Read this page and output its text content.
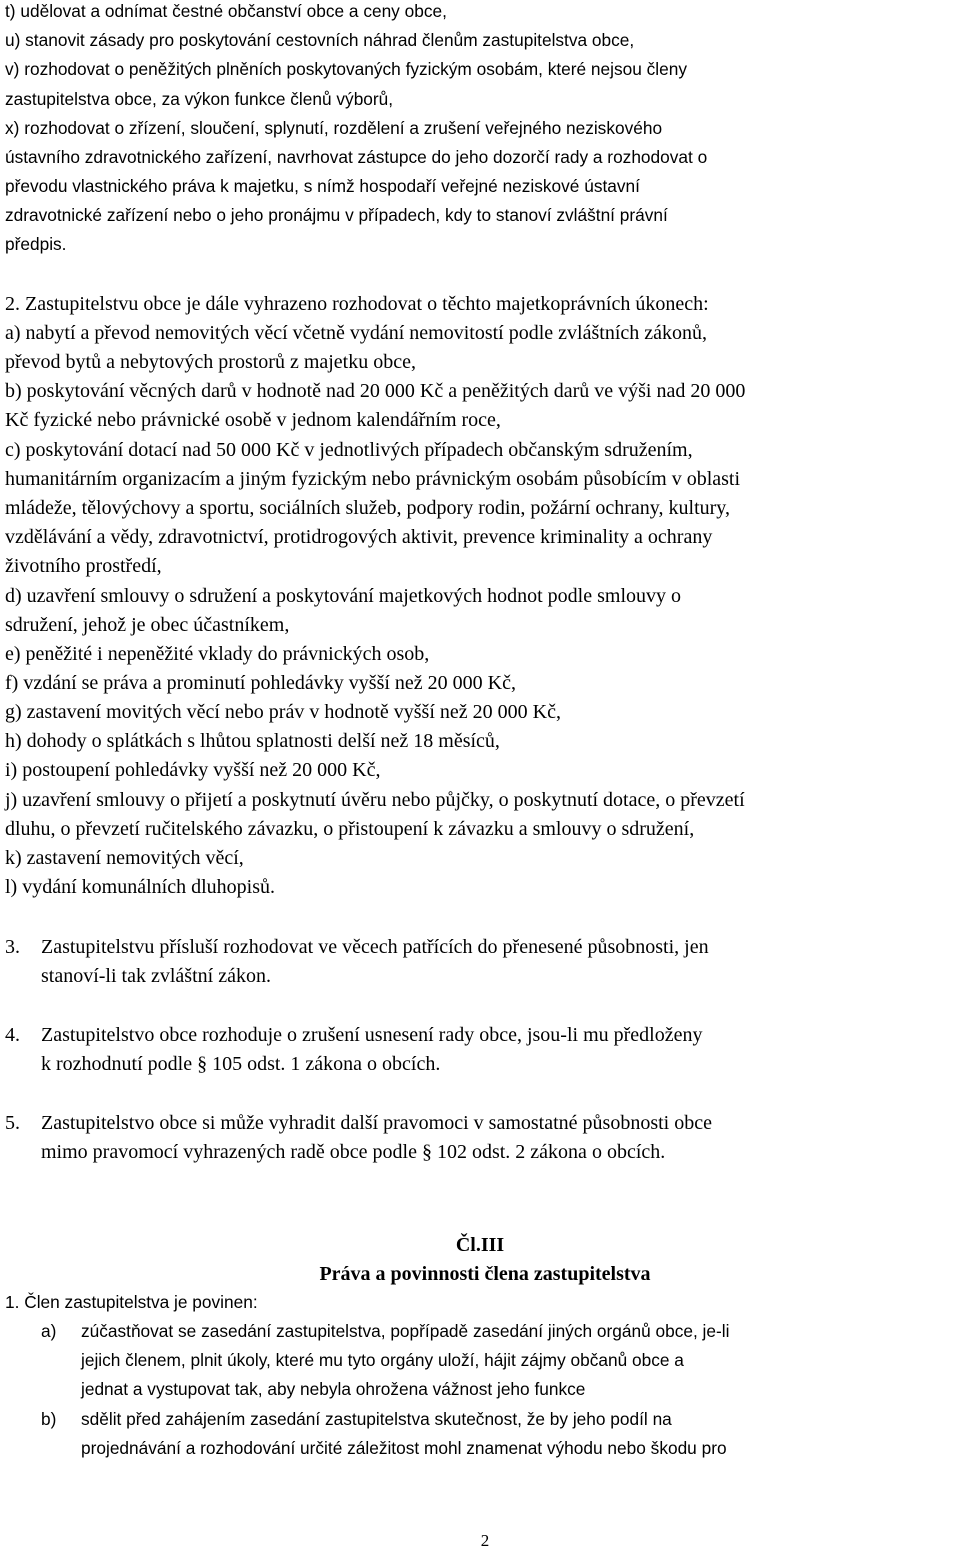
t) udělovat a odnímat čestné občanství obce a ceny obce,
u) stanovit zásady pro poskytování cestovních náhrad členům zastupitelstva obce,
v) rozhodovat o peněžitých plněních poskytovaných fyzickým osobám, které nejsou členy
zastupitelstva obce, za výkon funkce členů výborů,
x) rozhodovat o zřízení, sloučení, splynutí, rozdělení a zrušení veřejného neziskového
ústavního zdravotnického zařízení, navrhovat zástupce do jeho dozorčí rady a rozhodovat o
převodu vlastnického práva k majetku, s nímž hospodaří veřejné neziskové ústavní
zdravotnické zařízení nebo o jeho pronájmu v případech, kdy to stanoví zvláštní právní
předpis.
2. Zastupitelstvu obce je dále vyhrazeno rozhodovat o těchto majetkoprávních úkonech:
a) nabytí a převod nemovitých věcí včetně vydání nemovitostí podle zvláštních zákonů,
převod bytů a nebytových prostorů z majetku obce,
b) poskytování věcných darů v hodnotě nad 20 000 Kč a peněžitých darů ve výši nad 20 000
Kč fyzické nebo právnické osobě v jednom kalendářním roce,
c) poskytování dotací nad 50 000 Kč v jednotlivých případech občanským sdružením,
humanitárním organizacím a jiným fyzickým nebo právnickým osobám působícím v oblasti
mládeže, tělovýchovy a sportu, sociálních služeb, podpory rodin, požární ochrany, kultury,
vzdělávání a vědy, zdravotnictví, protidrogových aktivit, prevence kriminality a ochrany
životního prostředí,
d) uzavření smlouvy o sdružení a poskytování majetkových hodnot podle smlouvy o
sdružení, jehož je obec účastníkem,
e) peněžité i nepeněžité vklady do právnických osob,
f) vzdání se práva a prominutí pohledávky vyšší než 20 000 Kč,
g) zastavení movitých věcí nebo práv v hodnotě vyšší než 20 000 Kč,
h) dohody o splátkách s lhůtou splatnosti delší než 18 měsíců,
i) postoupení pohledávky vyšší než 20 000 Kč,
j) uzavření smlouvy o přijetí a poskytnutí úvěru nebo půjčky, o poskytnutí dotace, o převzetí
dluhu, o převzetí ručitelského závazku, o přistoupení k závazku a smlouvy o sdružení,
k) zastavení nemovitých věcí,
l) vydání komunálních dluhopisů.
3. Zastupitelstvu přísluší rozhodovat ve věcech patřících do přenesené působnosti, jen
stanoví-li tak zvláštní zákon.
4. Zastupitelstvo obce rozhoduje o zrušení usnesení rady obce, jsou-li mu předloženy
k rozhodnutí podle § 105 odst. 1 zákona o obcích.
5. Zastupitelstvo obce si může vyhradit další pravomoci v samostatné působnosti obce
mimo pravomocí vyhrazených radě obce podle § 102 odst. 2 zákona o obcích.
Čl.III
Práva a povinnosti člena zastupitelstva
1. Člen zastupitelstva je povinen:
a) zúčastňovat se zasedání zastupitelstva, popřípadě zasedání jiných orgánů obce, je-li
jejich členem, plnit úkoly, které mu tyto orgány uloží, hájit zájmy občanů obce a
jednat a vystupovat tak, aby nebyla ohrožena vážnost jeho funkce
b) sdělit před zahájením zasedání zastupitelstva skutečnost, že by jeho podíl na
projednávání a rozhodování určité záležitost mohl znamenat výhodu nebo škodu pro
2
